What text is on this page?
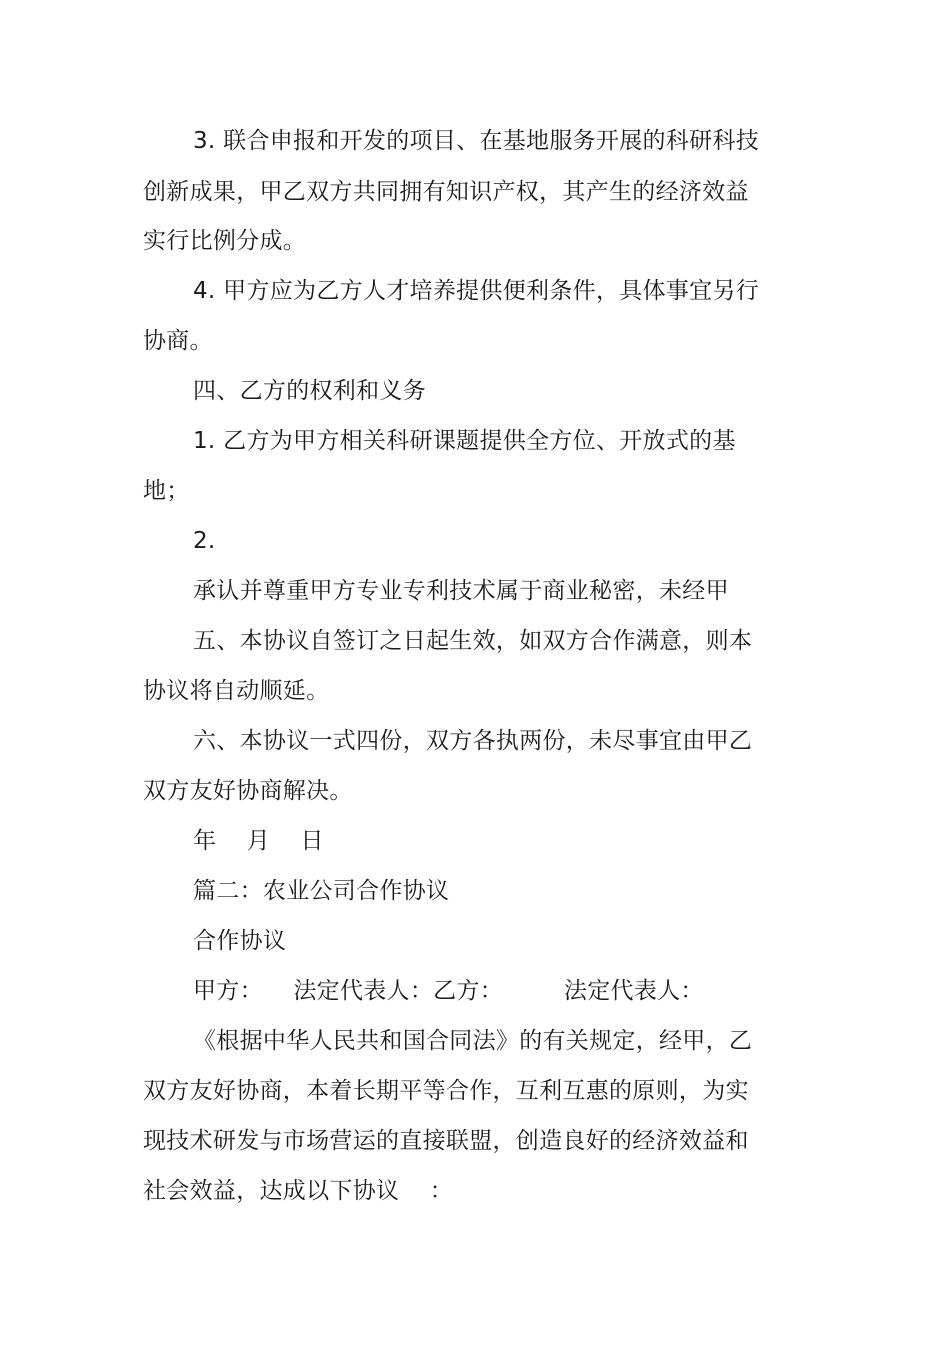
3. 联合申报和开发的项目、在基地服务开展的科研科技
创新成果，甲乙双方共同拥有知识产权，其产生的经济效益
实行比例分成。
4. 甲方应为乙方人才培养提供便利条件，具体事宜另行
协商。
四、乙方的权利和义务
1. 乙方为甲方相关科研课题提供全方位、开放式的基
地；
2.
承认并尊重甲方专业专利技术属于商业秘密，未经甲
五、本协议自签订之日起生效，如双方合作满意，则本
协议将自动顺延。
六、本协议一式四份，双方各执两份，未尽事宜由甲乙
双方友好协商解决。
年    月    日
篇二：农业公司合作协议
合作协议
甲方：    法定代表人：乙方：        法定代表人：
《根据中华人民共和国合同法》的有关规定，经甲，乙
双方友好协商，本着长期平等合作，互利互惠的原则，为实
现技术研发与市场营运的直接联盟，创造良好的经济效益和
社会效益，达成以下协议    ：
